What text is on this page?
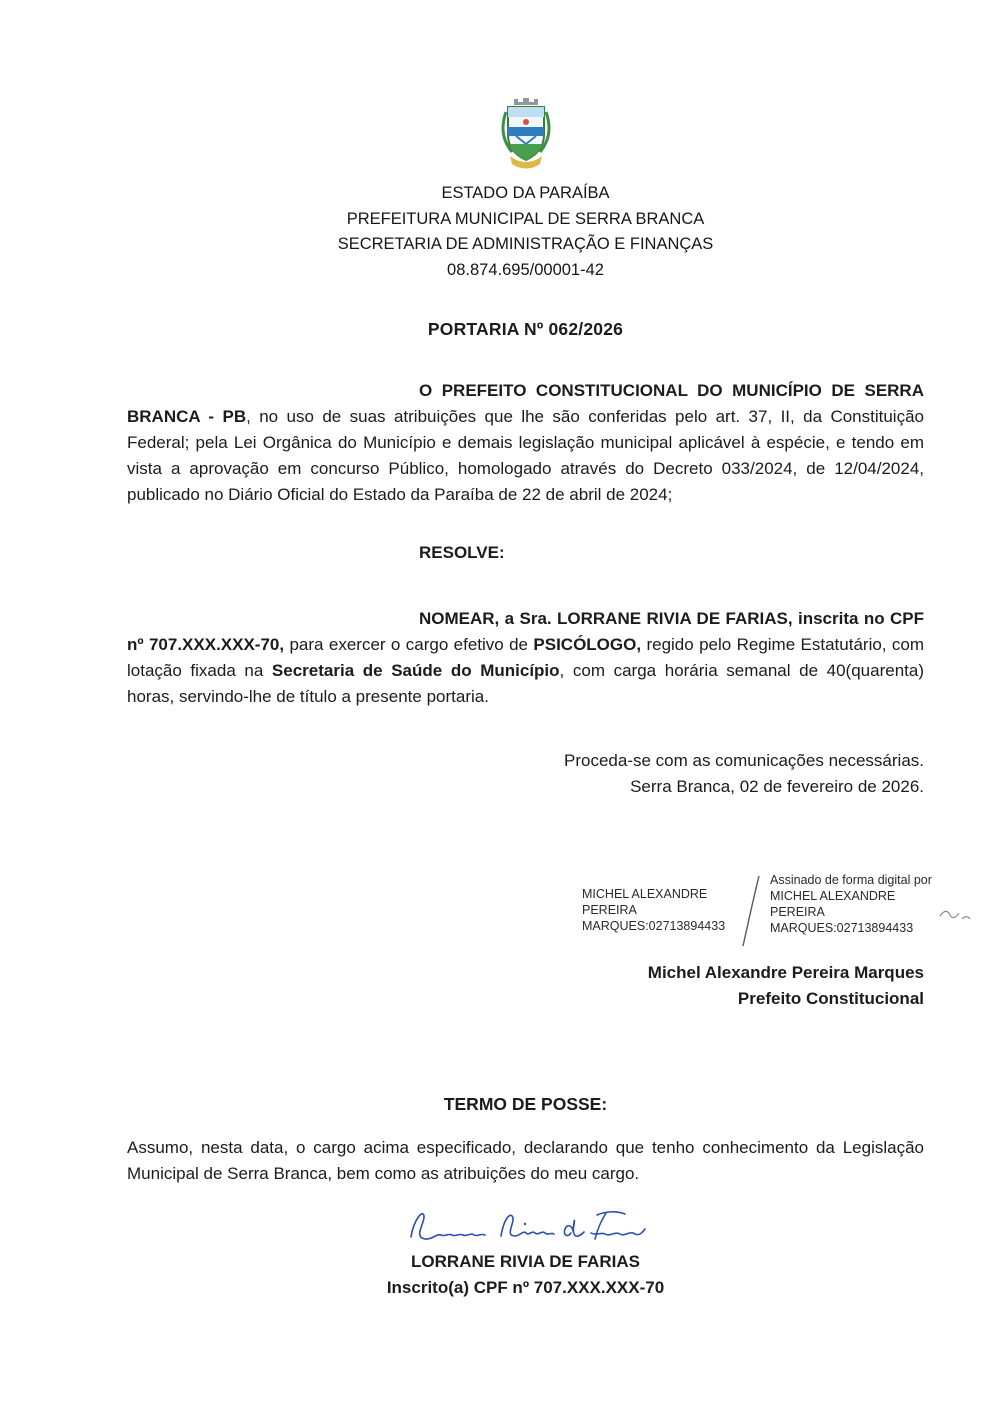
ESTADO DA PARAÍBA
PREFEITURA MUNICIPAL DE SERRA BRANCA
SECRETARIA DE ADMINISTRAÇÃO E FINANÇAS
08.874.695/00001-42
PORTARIA Nº 062/2026

O PREFEITO CONSTITUCIONAL DO MUNICÍPIO DE SERRA BRANCA - PB, no uso de suas atribuições que lhe são conferidas pelo art. 37, II, da Constituição Federal; pela Lei Orgânica do Município e demais legislação municipal aplicável à espécie, e tendo em vista a aprovação em concurso Público, homologado através do Decreto 033/2024, de 12/04/2024, publicado no Diário Oficial do Estado da Paraíba de 22 de abril de 2024;

RESOLVE:

NOMEAR, a Sra. LORRANE RIVIA DE FARIAS, inscrita no CPF nº 707.XXX.XXX-70, para exercer o cargo efetivo de PSICÓLOGO, regido pelo Regime Estatutário, com lotação fixada na Secretaria de Saúde do Município, com carga horária semanal de 40(quarenta) horas, servindo-lhe de título a presente portaria.

Proceda-se com as comunicações necessárias.
Serra Branca, 02 de fevereiro de 2026.
MICHEL ALEXANDRE PEREIRA MARQUES:02713894433
Assinado de forma digital por MICHEL ALEXANDRE PEREIRA MARQUES:02713894433
Michel Alexandre Pereira Marques
Prefeito Constitucional
TERMO DE POSSE:

Assumo, nesta data, o cargo acima especificado, declarando que tenho conhecimento da Legislação Municipal de Serra Branca, bem como as atribuições do meu cargo.

LORRANE RIVIA DE FARIAS
Inscrito(a) CPF nº 707.XXX.XXX-70
